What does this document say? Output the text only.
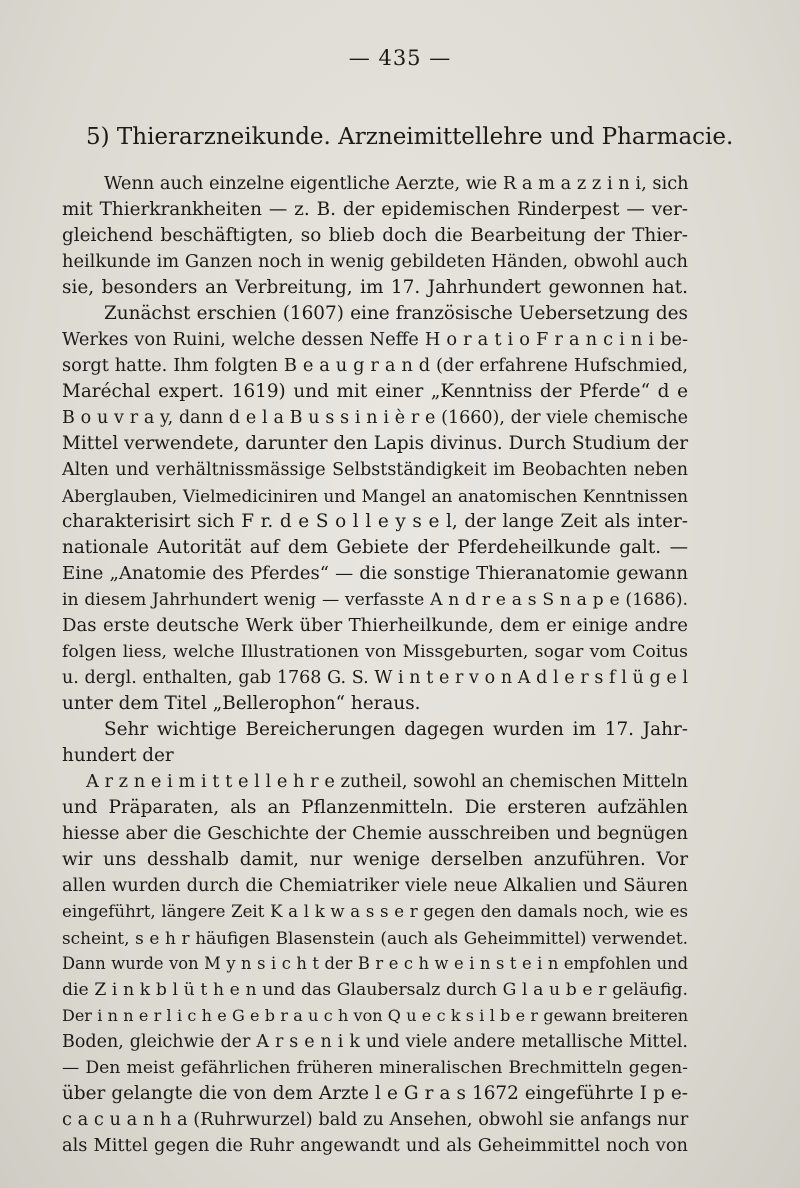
— 435 —
5) Thierarzneikunde. Arzneimittellehre und Pharmacie.
Wenn auch einzelne eigentliche Aerzte, wie R a m a z z i n i, sich
mit Thierkrankheiten — z. B. der epidemischen Rinderpest — ver-
gleichend beschäftigten, so blieb doch die Bearbeitung der Thier-
heilkunde im Ganzen noch in wenig gebildeten Händen, obwohl auch
sie, besonders an Verbreitung, im 17. Jahrhundert gewonnen hat.
Zunächst erschien (1607) eine französische Uebersetzung des
Werkes von Ruini, welche dessen Neffe H o r a t i o F r a n c i n i be-
sorgt hatte. Ihm folgten B e a u g r a n d (der erfahrene Hufschmied,
Maréchal expert. 1619) und mit einer „Kenntniss der Pferde“ d e
B o u v r a y, dann d e l a B u s s i n i è r e (1660), der viele chemische
Mittel verwendete, darunter den Lapis divinus. Durch Studium der
Alten und verhältnissmässige Selbstständigkeit im Beobachten neben
Aberglauben, Vielmediciniren und Mangel an anatomischen Kenntnissen
charakterisirt sich F r. d e S o l l e y s e l, der lange Zeit als inter-
nationale Autorität auf dem Gebiete der Pferdeheilkunde galt. —
Eine „Anatomie des Pferdes“ — die sonstige Thieranatomie gewann
in diesem Jahrhundert wenig — verfasste A n d r e a s S n a p e (1686).
Das erste deutsche Werk über Thierheilkunde, dem er einige andre
folgen liess, welche Illustrationen von Missgeburten, sogar vom Coitus
u. dergl. enthalten, gab 1768 G. S. W i n t e r v o n A d l e r s f l ü g e l
unter dem Titel „Bellerophon“ heraus.
Sehr wichtige Bereicherungen dagegen wurden im 17. Jahr-
hundert der
A r z n e i m i t t e l l e h r e zutheil, sowohl an chemischen Mitteln
und Präparaten, als an Pflanzenmitteln. Die ersteren aufzählen
hiesse aber die Geschichte der Chemie ausschreiben und begnügen
wir uns desshalb damit, nur wenige derselben anzuführen. Vor
allen wurden durch die Chemiatriker viele neue Alkalien und Säuren
eingeführt, längere Zeit K a l k w a s s e r gegen den damals noch, wie es
scheint, s e h r häufigen Blasenstein (auch als Geheimmittel) verwendet.
Dann wurde von M y n s i c h t der B r e c h w e i n s t e i n empfohlen und
die Z i n k b l ü t h e n und das Glaubersalz durch G l a u b e r geläufig.
Der i n n e r l i c h e G e b r a u c h von Q u e c k s i l b e r gewann breiteren
Boden, gleichwie der A r s e n i k und viele andere metallische Mittel.
— Den meist gefährlichen früheren mineralischen Brechmitteln gegen-
über gelangte die von dem Arzte l e G r a s 1672 eingeführte I p e-
c a c u a n h a (Ruhrwurzel) bald zu Ansehen, obwohl sie anfangs nur
als Mittel gegen die Ruhr angewandt und als Geheimmittel noch von
